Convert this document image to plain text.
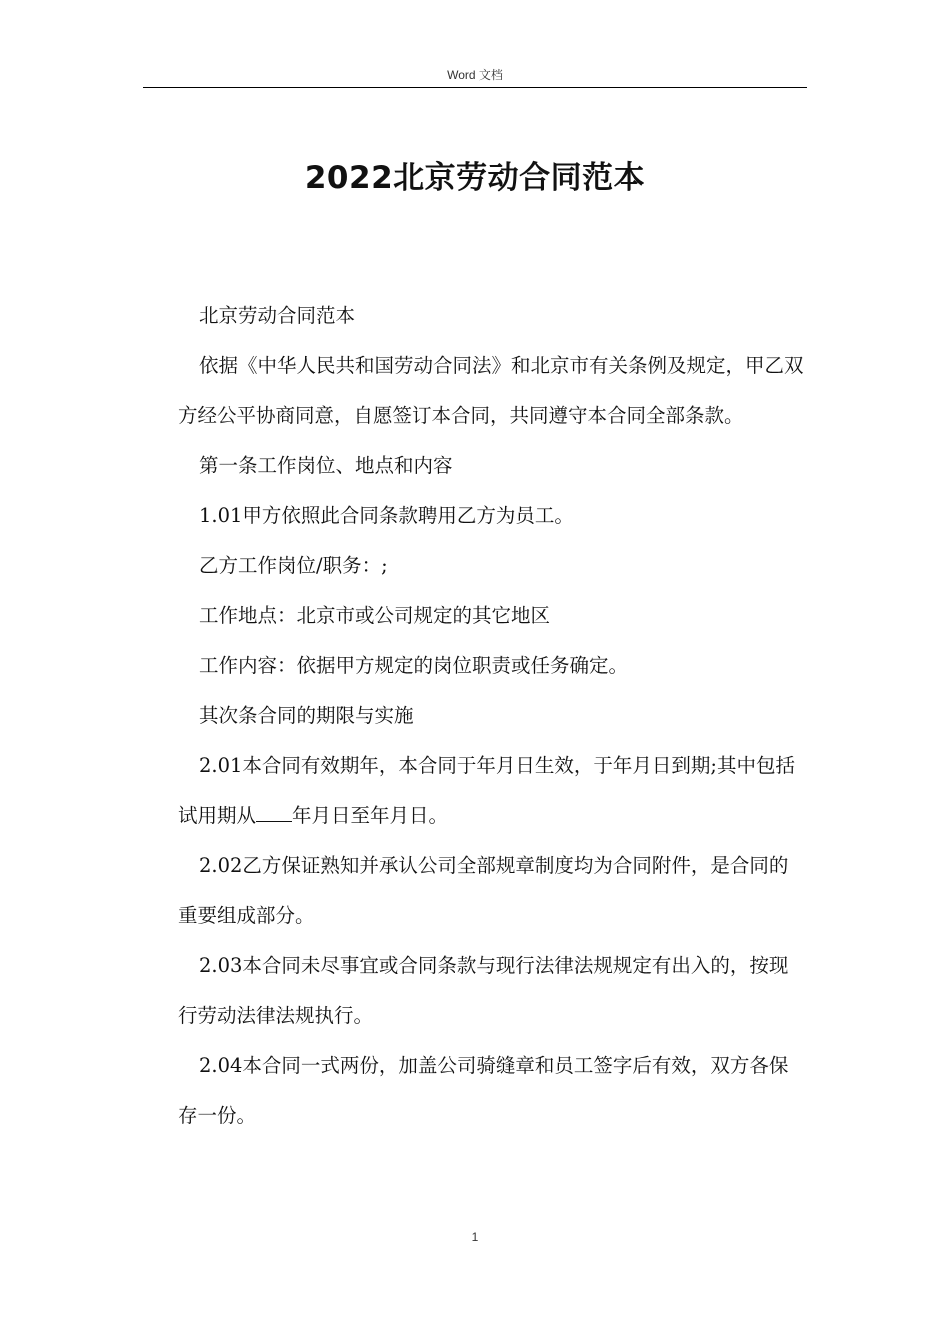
Word 文档
2022北京劳动合同范本

北京劳动合同范本

依据《中华人民共和国劳动合同法》和北京市有关条例及规定，甲乙双方经公平协商同意，自愿签订本合同，共同遵守本合同全部条款。

第一条工作岗位、地点和内容

1.01甲方依照此合同条款聘用乙方为员工。

乙方工作岗位/职务：;

工作地点：北京市或公司规定的其它地区

工作内容：依据甲方规定的岗位职责或任务确定。

其次条合同的期限与实施

2.01本合同有效期年，本合同于年月日生效，于年月日到期;其中包括试用期从 年月日至年月日。

2.02乙方保证熟知并承认公司全部规章制度均为合同附件，是合同的重要组成部分。

2.03本合同未尽事宜或合同条款与现行法律法规规定有出入的，按现行劳动法律法规执行。

2.04本合同一式两份，加盖公司骑缝章和员工签字后有效，双方各保存一份。

1
